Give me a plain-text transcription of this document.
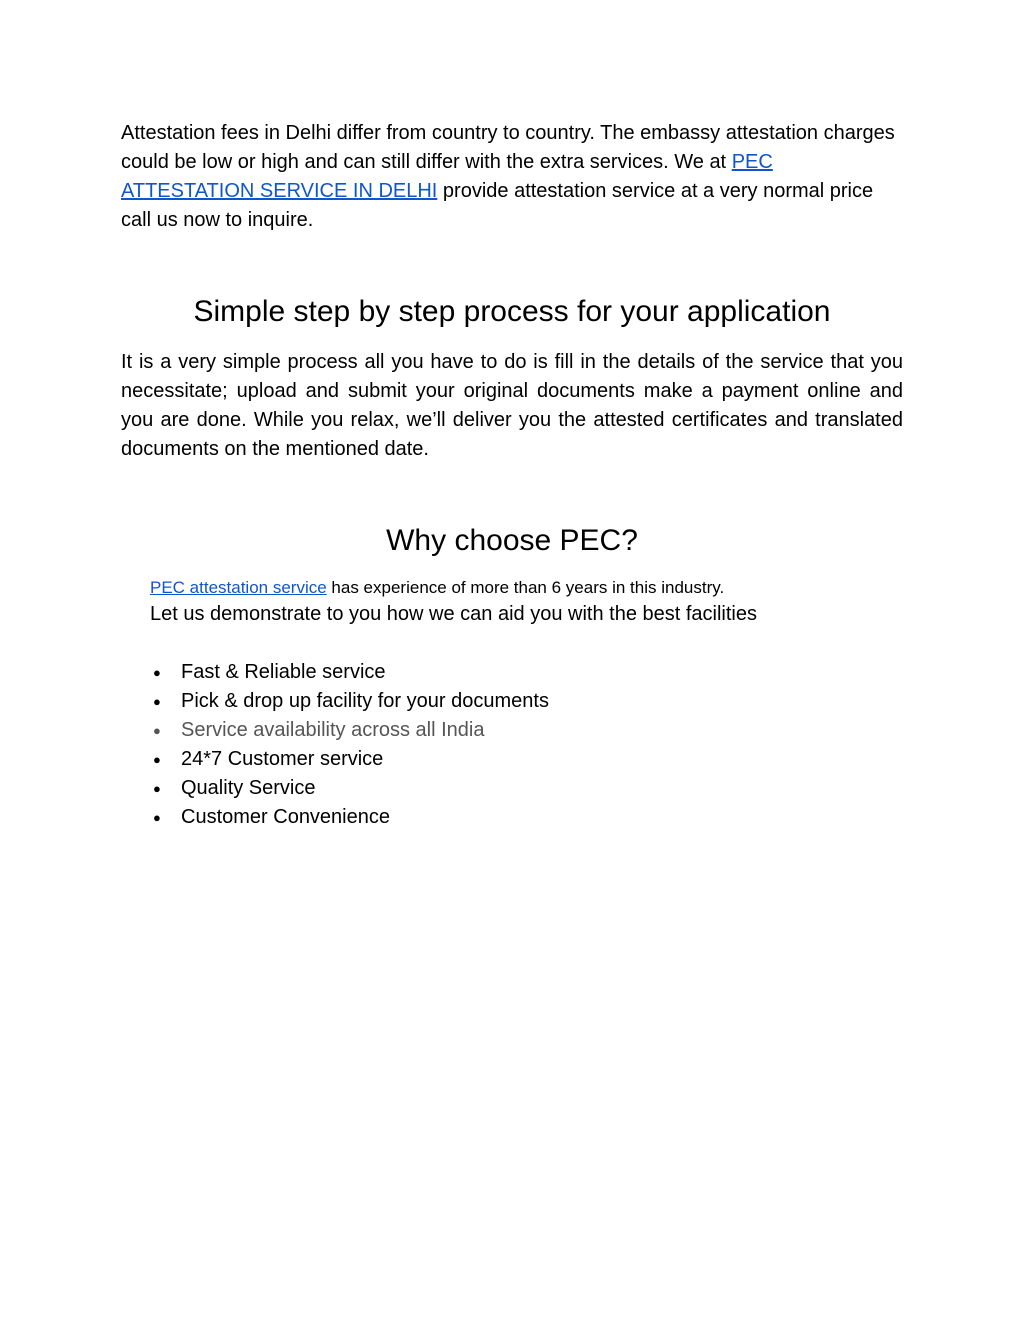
Attestation fees in Delhi differ from country to country. The embassy attestation charges could be low or high and can still differ with the extra services. We at PEC ATTESTATION SERVICE IN DELHI provide attestation service at a very normal price call us now to inquire.

Simple step by step process for your application

It is a very simple process all you have to do is fill in the details of the service that you necessitate; upload and submit your original documents make a payment online and you are done. While you relax, we’ll deliver you the attested certificates and translated documents on the mentioned date.

Why choose PEC?

PEC attestation service has experience of more than 6 years in this industry.

Let us demonstrate to you how we can aid you with the best facilities

● Fast & Reliable service
● Pick & drop up facility for your documents
● Service availability across all India
● 24*7 Customer service
● Quality Service
● Customer Convenience
